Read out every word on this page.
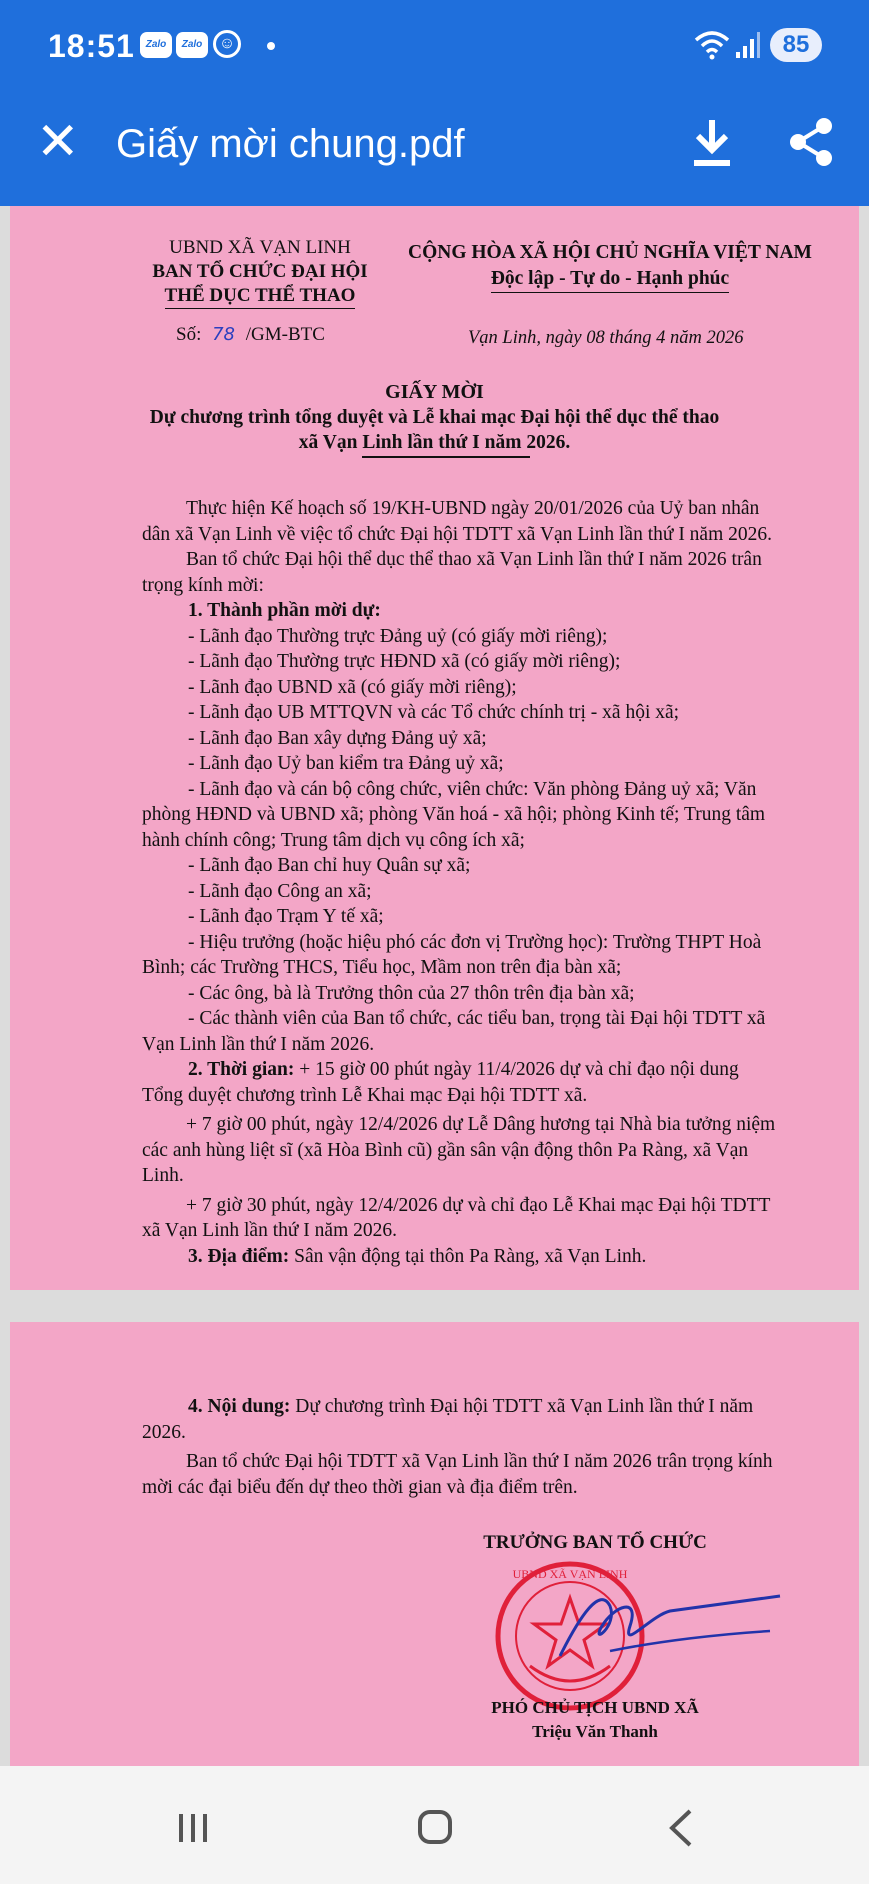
18:51	Zalo	Zalo	☺	85
✕ Giấy mời chung.pdf
UBND XÃ VẠN LINH
BAN TỔ CHỨC ĐẠI HỘI
THỂ DỤC THỂ THAO
CỘNG HÒA XÃ HỘI CHỦ NGHĨA VIỆT NAM
Độc lập - Tự do - Hạnh phúc
Số: 78 /GM-BTC	Vạn Linh, ngày 08 tháng 4 năm 2026
GIẤY MỜI
Dự chương trình tổng duyệt và Lễ khai mạc Đại hội thể dục thể thao
xã Vạn Linh lần thứ I năm 2026.
Thực hiện Kế hoạch số 19/KH-UBND ngày 20/01/2026 của Uỷ ban nhân
dân xã Vạn Linh về việc tổ chức Đại hội TDTT xã Vạn Linh lần thứ I năm 2026.
Ban tổ chức Đại hội thể dục thể thao xã Vạn Linh lần thứ I năm 2026 trân
trọng kính mời:
1. Thành phần mời dự:
- Lãnh đạo Thường trực Đảng uỷ (có giấy mời riêng);
- Lãnh đạo Thường trực HĐND xã (có giấy mời riêng);
- Lãnh đạo UBND xã (có giấy mời riêng);
- Lãnh đạo UB MTTQVN và các Tổ chức chính trị - xã hội xã;
- Lãnh đạo Ban xây dựng Đảng uỷ xã;
- Lãnh đạo Uỷ ban kiểm tra Đảng uỷ xã;
- Lãnh đạo và cán bộ công chức, viên chức: Văn phòng Đảng uỷ xã; Văn
phòng HĐND và UBND xã; phòng Văn hoá - xã hội; phòng Kinh tế; Trung tâm
hành chính công; Trung tâm dịch vụ công ích xã;
- Lãnh đạo Ban chỉ huy Quân sự xã;
- Lãnh đạo Công an xã;
- Lãnh đạo Trạm Y tế xã;
- Hiệu trưởng (hoặc hiệu phó các đơn vị Trường học): Trường THPT Hoà
Bình; các Trường THCS, Tiểu học, Mầm non trên địa bàn xã;
- Các ông, bà là Trưởng thôn của 27 thôn trên địa bàn xã;
- Các thành viên của Ban tổ chức, các tiểu ban, trọng tài Đại hội TDTT xã
Vạn Linh lần thứ I năm 2026.
2. Thời gian: + 15 giờ 00 phút ngày 11/4/2026 dự và chỉ đạo nội dung
Tổng duyệt chương trình Lễ Khai mạc Đại hội TDTT xã.
+ 7 giờ 00 phút, ngày 12/4/2026 dự Lễ Dâng hương tại Nhà bia tưởng niệm
các anh hùng liệt sĩ (xã Hòa Bình cũ) gần sân vận động thôn Pa Ràng, xã Vạn
Linh.
+ 7 giờ 30 phút, ngày 12/4/2026 dự và chỉ đạo Lễ Khai mạc Đại hội TDTT
xã Vạn Linh lần thứ I năm 2026.
3. Địa điểm: Sân vận động tại thôn Pa Ràng, xã Vạn Linh.
4. Nội dung: Dự chương trình Đại hội TDTT xã Vạn Linh lần thứ I năm
2026.
Ban tổ chức Đại hội TDTT xã Vạn Linh lần thứ I năm 2026 trân trọng kính
mời các đại biểu đến dự theo thời gian và địa điểm trên.
TRƯỞNG BAN TỔ CHỨC
UBND XÃ VẠN LINH
PHÓ CHỦ TỊCH UBND XÃ
Triệu Văn Thanh
